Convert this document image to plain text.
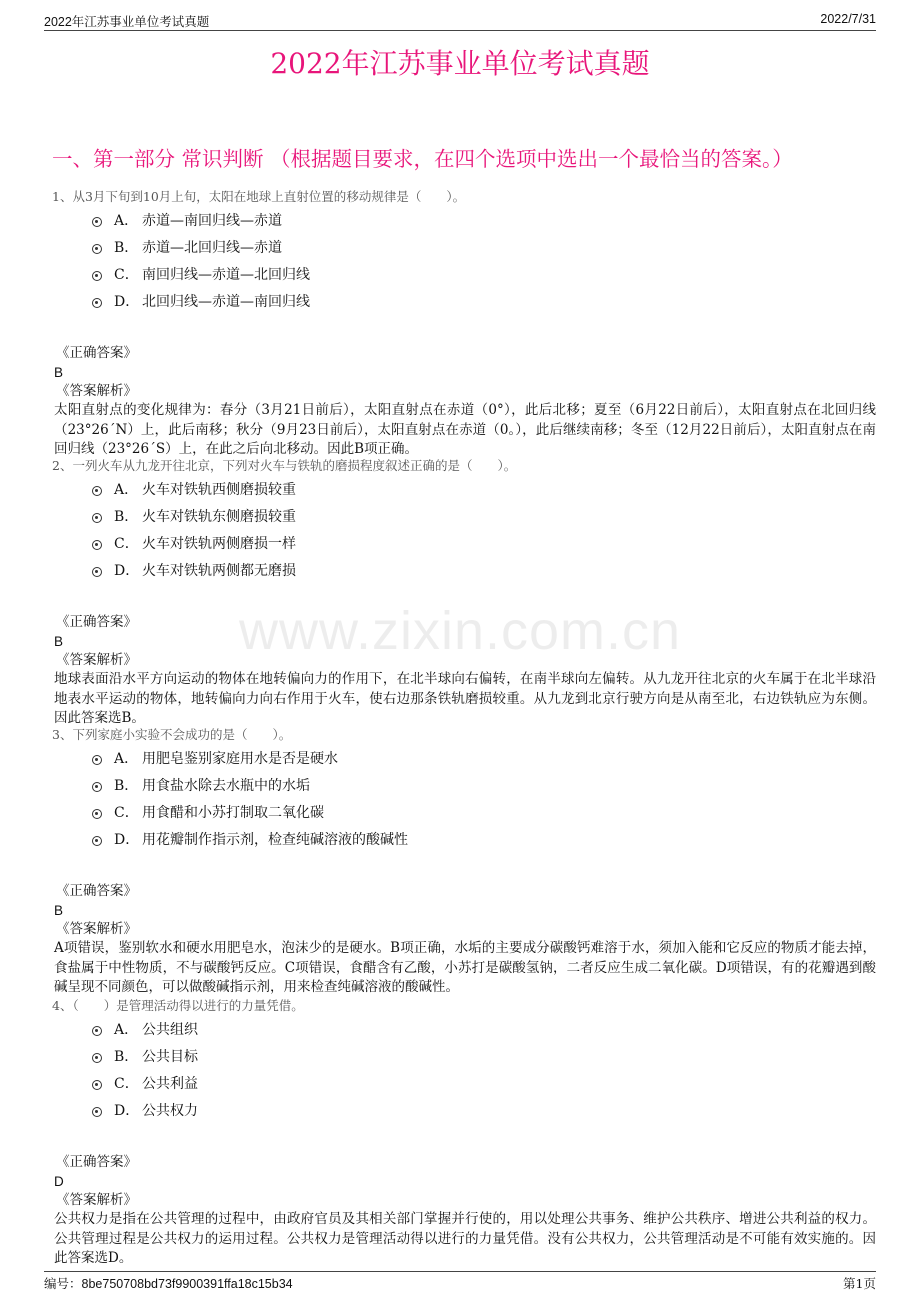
2022年江苏事业单位考试真题	2022/7/31
2022年江苏事业单位考试真题
一、第一部分 常识判断 （根据题目要求，在四个选项中选出一个最恰当的答案。）
www.zixin.com.cn
1、从3月下旬到10月上旬，太阳在地球上直射位置的移动规律是（　　）。
A． 赤道—南回归线—赤道
B． 赤道—北回归线—赤道
C． 南回归线—赤道—北回归线
D． 北回归线—赤道—南回归线
《正确答案》
B
《答案解析》
太阳直射点的变化规律为：春分（3月21日前后），太阳直射点在赤道（0°），此后北移；夏至（6月22日前后），太阳直射点在北回归线（23°26´N）上，此后南移；秋分（9月23日前后），太阳直射点在赤道（0。），此后继续南移；冬至（12月22日前后），太阳直射点在南回归线（23°26´S）上，在此之后向北移动。因此B项正确。
2、一列火车从九龙开往北京，下列对火车与铁轨的磨损程度叙述正确的是（　　）。
A． 火车对铁轨西侧磨损较重
B． 火车对铁轨东侧磨损较重
C． 火车对铁轨两侧磨损一样
D． 火车对铁轨两侧都无磨损
《正确答案》
B
《答案解析》
地球表面沿水平方向运动的物体在地转偏向力的作用下，在北半球向右偏转，在南半球向左偏转。从九龙开往北京的火车属于在北半球沿地表水平运动的物体，地转偏向力向右作用于火车，使右边那条铁轨磨损较重。从九龙到北京行驶方向是从南至北，右边铁轨应为东侧。因此答案选B。
3、下列家庭小实验不会成功的是（　　）。
A． 用肥皂鉴别家庭用水是否是硬水
B． 用食盐水除去水瓶中的水垢
C． 用食醋和小苏打制取二氧化碳
D． 用花瓣制作指示剂，检查纯碱溶液的酸碱性
《正确答案》
B
《答案解析》
A项错误，鉴别软水和硬水用肥皂水，泡沫少的是硬水。B项正确，水垢的主要成分碳酸钙难溶于水，须加入能和它反应的物质才能去掉，食盐属于中性物质，不与碳酸钙反应。C项错误，食醋含有乙酸，小苏打是碳酸氢钠，二者反应生成二氧化碳。D项错误，有的花瓣遇到酸碱呈现不同颜色，可以做酸碱指示剂，用来检查纯碱溶液的酸碱性。
4、（　　）是管理活动得以进行的力量凭借。
A． 公共组织
B． 公共目标
C． 公共利益
D． 公共权力
《正确答案》
D
《答案解析》
公共权力是指在公共管理的过程中，由政府官员及其相关部门掌握并行使的，用以处理公共事务、维护公共秩序、增进公共利益的权力。公共管理过程是公共权力的运用过程。公共权力是管理活动得以进行的力量凭借。没有公共权力，公共管理活动是不可能有效实施的。因此答案选D。
编号：8be750708bd73f9900391ffa18c15b34	第1页
